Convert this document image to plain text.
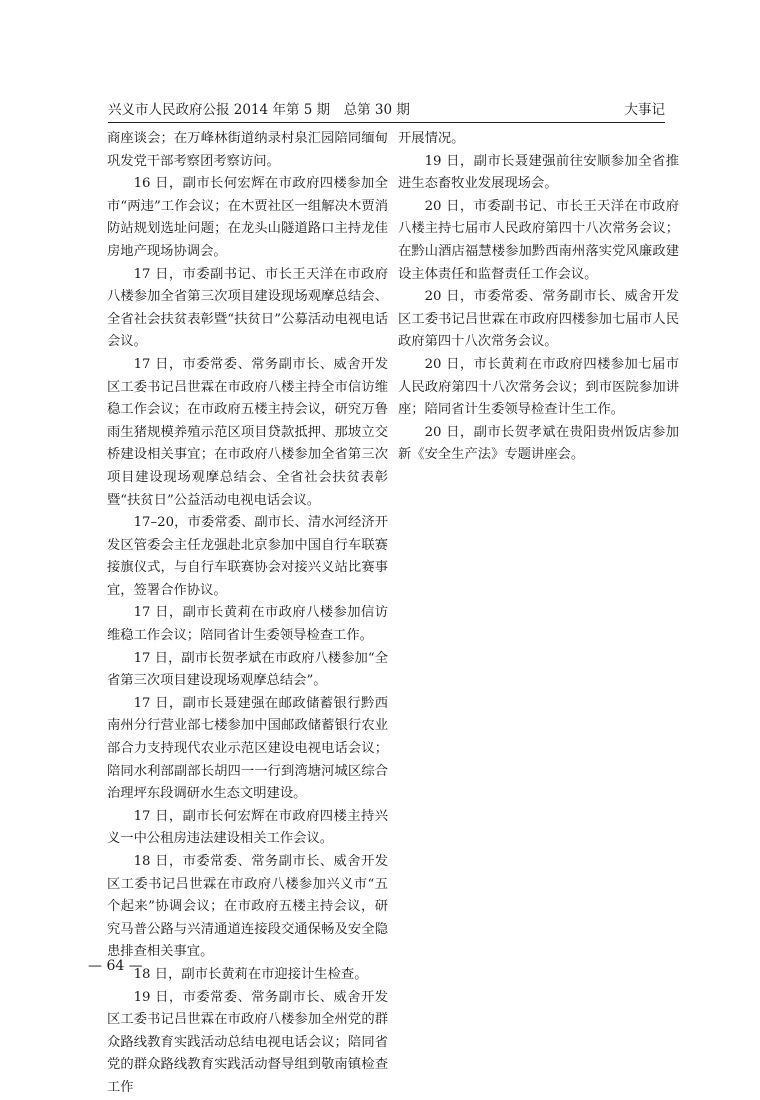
兴义市人民政府公报 2014 年第 5 期　总第 30 期	大事记

商座谈会；在万峰林街道纳录村泉汇园陪同缅甸巩发党干部考察团考察访问。

16 日，副市长何宏辉在市政府四楼参加全市“两违”工作会议；在木贾社区一组解决木贾消防站规划选址问题；在龙头山隧道路口主持龙佳房地产现场协调会。

17 日，市委副书记、市长王天洋在市政府八楼参加全省第三次项目建设现场观摩总结会、全省社会扶贫表彰暨“扶贫日”公募活动电视电话会议。

17 日，市委常委、常务副市长、威舍开发区工委书记吕世霖在市政府八楼主持全市信访维稳工作会议；在市政府五楼主持会议，研究万鲁雨生猪规模养殖示范区项目贷款抵押、那坡立交桥建设相关事宜；在市政府八楼参加全省第三次项目建设现场观摩总结会、全省社会扶贫表彰暨“扶贫日”公益活动电视电话会议。

17–20，市委常委、副市长、清水河经济开发区管委会主任龙强赴北京参加中国自行车联赛接旗仪式，与自行车联赛协会对接兴义站比赛事宜，签署合作协议。

17 日，副市长黄莉在市政府八楼参加信访维稳工作会议；陪同省计生委领导检查工作。

17 日，副市长贺孝斌在市政府八楼参加“全省第三次项目建设现场观摩总结会”。

17 日，副市长聂建强在邮政储蓄银行黔西南州分行营业部七楼参加中国邮政储蓄银行农业部合力支持现代农业示范区建设电视电话会议；陪同水利部副部长胡四一一行到湾塘河城区综合治理坪东段调研水生态文明建设。

17 日，副市长何宏辉在市政府四楼主持兴义一中公租房违法建设相关工作会议。

18 日，市委常委、常务副市长、威舍开发区工委书记吕世霖在市政府八楼参加兴义市“五个起来”协调会议；在市政府五楼主持会议，研究马普公路与兴清通道连接段交通保畅及安全隐患排查相关事宜。

18 日，副市长黄莉在市迎接计生检查。

19 日，市委常委、常务副市长、威舍开发区工委书记吕世霖在市政府八楼参加全州党的群众路线教育实践活动总结电视电话会议；陪同省党的群众路线教育实践活动督导组到敬南镇检查工作

开展情况。

19 日，副市长聂建强前往安顺参加全省推进生态畜牧业发展现场会。

20 日，市委副书记、市长王天洋在市政府八楼主持七届市人民政府第四十八次常务会议；在黔山酒店福慧楼参加黔西南州落实党风廉政建设主体责任和监督责任工作会议。

20 日，市委常委、常务副市长、威舍开发区工委书记吕世霖在市政府四楼参加七届市人民政府第四十八次常务会议。

20 日，市长黄莉在市政府四楼参加七届市人民政府第四十八次常务会议；到市医院参加讲座；陪同省计生委领导检查计生工作。

20 日，副市长贺孝斌在贵阳贵州饭店参加新《安全生产法》专题讲座会。

— 64 —
